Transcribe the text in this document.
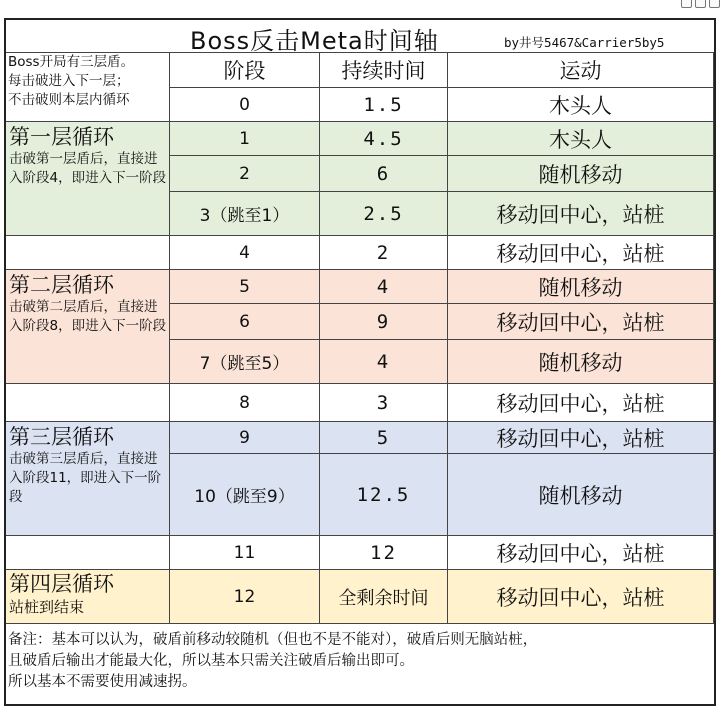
Boss反击Meta时间轴	by井号5467&Carrier5by5
Boss开局有三层盾。
每击破进入下一层；
不击破则本层内循环
第一层循环
击破第一层盾后，直接进入阶段4，即进入下一阶段
第二层循环
击破第二层盾后，直接进入阶段8，即进入下一阶段
第三层循环
击破第三层盾后，直接进入阶段11，即进入下一阶段
第四层循环
站桩到结束
阶段	持续时间	运动
0	1.5	木头人
1	4.5	木头人
2	6	随机移动
3（跳至1）	2.5	移动回中心，站桩
4	2	移动回中心，站桩
5	4	随机移动
6	9	移动回中心，站桩
7（跳至5）	4	随机移动
8	3	移动回中心，站桩
9	5	移动回中心，站桩
10（跳至9）	12.5	随机移动
11	12	移动回中心，站桩
12	全剩余时间	移动回中心，站桩
备注：基本可以认为，破盾前移动较随机（但也不是不能对），破盾后则无脑站桩，
且破盾后输出才能最大化，所以基本只需关注破盾后输出即可。
所以基本不需要使用减速拐。
